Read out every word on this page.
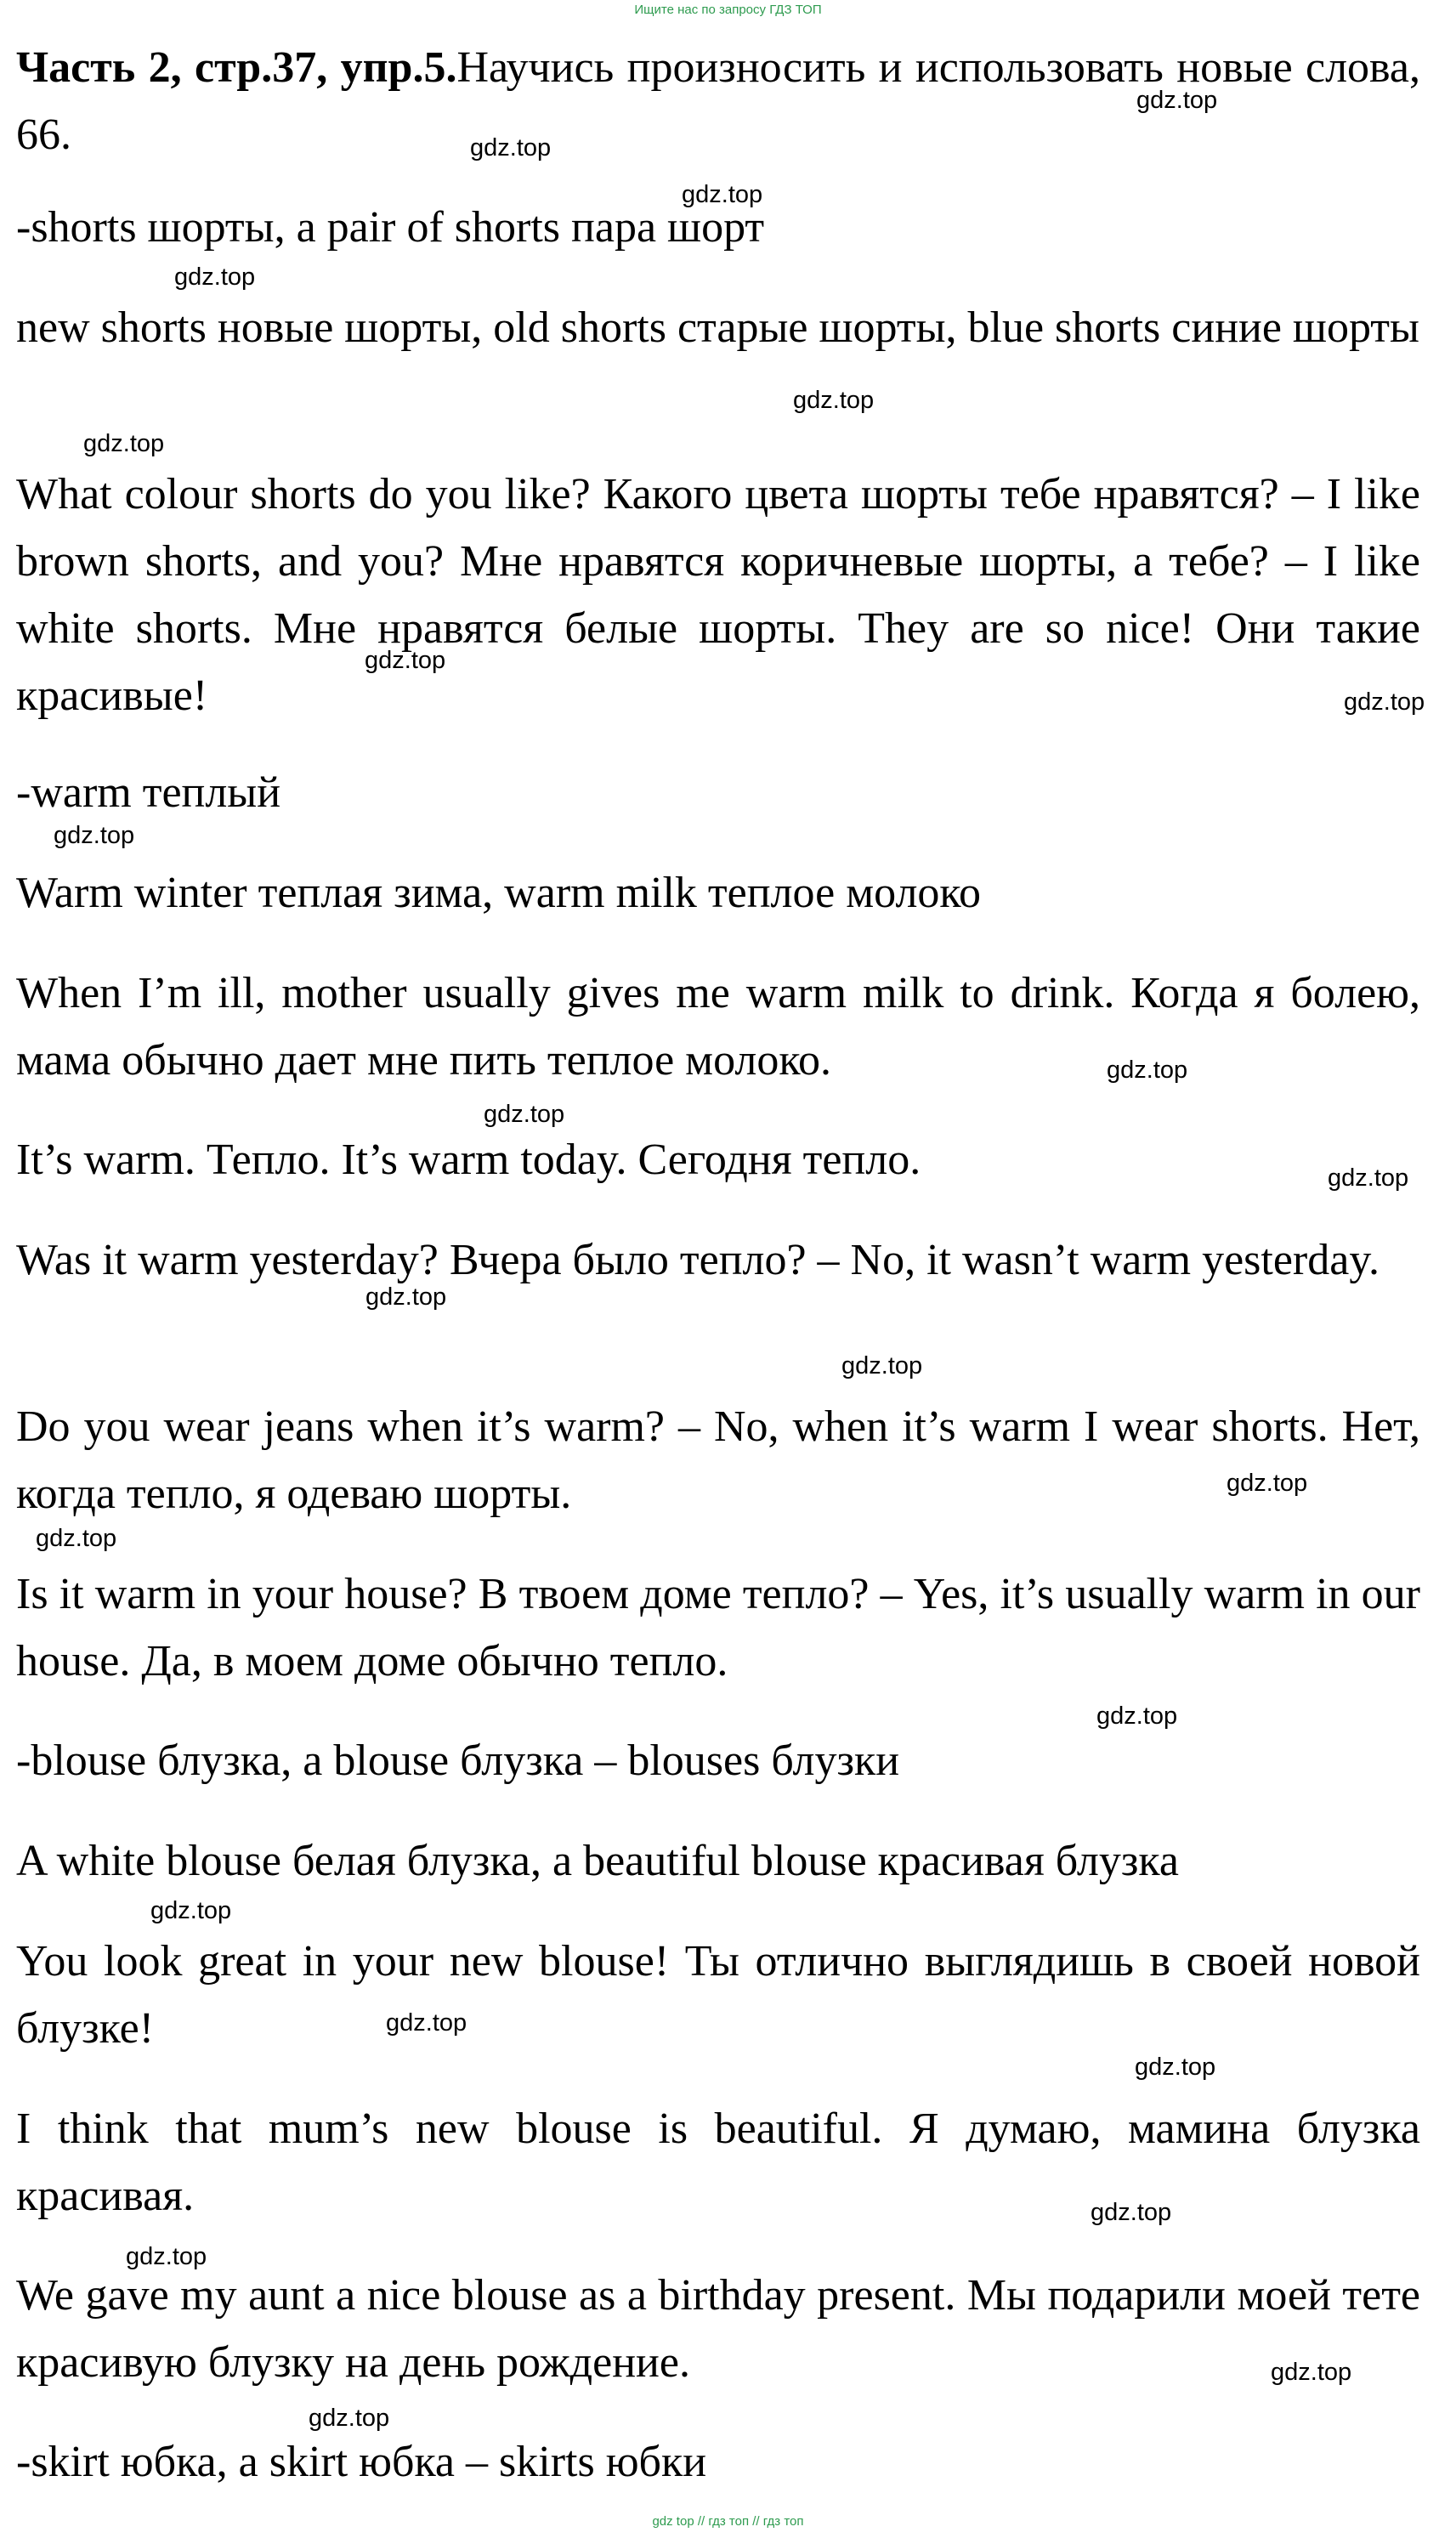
Ищите нас по запросу ГДЗ ТОП

Часть 2, стр.37, упр.5.Научись произносить и использовать новые слова, 66.

-shorts шорты, a pair of shorts пара шорт

new shorts новые шорты, old shorts старые шорты, blue shorts синие шорты

What colour shorts do you like? Какого цвета шорты тебе нравятся? – I like brown shorts, and you? Мне нравятся коричневые шорты, а тебе? – I like white shorts. Мне нравятся белые шорты. They are so nice! Они такие красивые!

-warm теплый

Warm winter теплая зима, warm milk теплое молоко

When I’m ill, mother usually gives me warm milk to drink. Когда я болею, мама обычно дает мне пить теплое молоко.

It’s warm. Тепло. It’s warm today. Сегодня тепло.

Was it warm yesterday? Вчера было тепло? – No, it wasn’t warm yesterday.

Do you wear jeans when it’s warm? – No, when it’s warm I wear shorts. Нет, когда тепло, я одеваю шорты.

Is it warm in your house? В твоем доме тепло? – Yes, it’s usually warm in our house. Да, в моем доме обычно тепло.

-blouse блузка, a blouse блузка – blouses блузки

A white blouse белая блузка, a beautiful blouse красивая блузка

You look great in your new blouse! Ты отлично выглядишь в своей новой блузке!

I think that mum’s new blouse is beautiful. Я думаю, мамина блузка красивая.

We gave my aunt a nice blouse as a birthday present. Мы подарили моей тете красивую блузку на день рождение.

-skirt юбка, a skirt юбка – skirts юбки

gdz.top
gdz.top
gdz.top
gdz.top
gdz.top
gdz.top
gdz.top
gdz.top
gdz.top
gdz.top
gdz.top
gdz.top
gdz.top
gdz.top
gdz.top
gdz.top
gdz.top
gdz.top
gdz.top
gdz.top
gdz.top
gdz.top
gdz.top
gdz.top
gdz top // гдз топ // гдз топ
